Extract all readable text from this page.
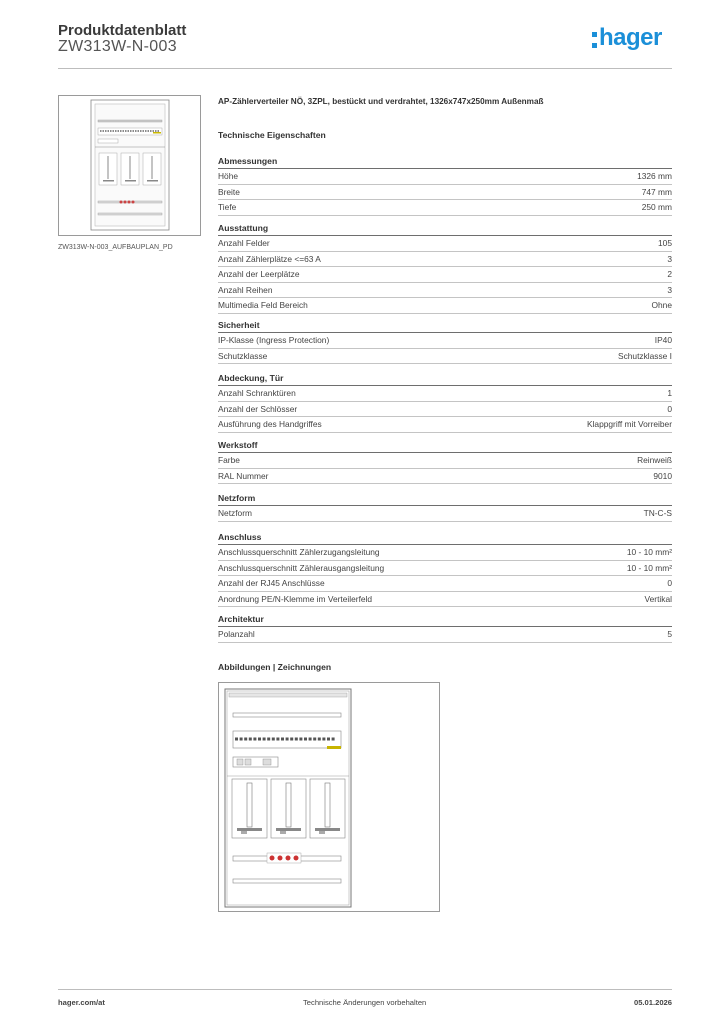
Produktdatenblatt
ZW313W-N-003	hager
ZW313W-N-003_AUFBAUPLAN_PD
AP-Zählerverteiler NÖ, 3ZPL, bestückt und verdrahtet, 1326x747x250mm Außenmaß
Technische Eigenschaften
Abmessungen
Höhe	1326 mm
Breite	747 mm
Tiefe	250 mm
Ausstattung
Anzahl Felder	105
Anzahl Zählerplätze <=63 A	3
Anzahl der Leerplätze	2
Anzahl Reihen	3
Multimedia Feld Bereich	Ohne
Sicherheit
IP-Klasse (Ingress Protection)	IP40
Schutzklasse	Schutzklasse I
Abdeckung, Tür
Anzahl Schranktüren	1
Anzahl der Schlösser	0
Ausführung des Handgriffes	Klappgriff mit Vorreiber
Werkstoff
Farbe	Reinweiß
RAL Nummer	9010
Netzform
Netzform	TN-C-S
Anschluss
Anschlussquerschnitt Zählerzugangsleitung	10 - 10 mm²
Anschlussquerschnitt Zählerausgangsleitung	10 - 10 mm²
Anzahl der RJ45 Anschlüsse	0
Anordnung PE/N-Klemme im Verteilerfeld	Vertikal
Architektur
Polanzahl	5
Abbildungen | Zeichnungen
hager.com/at	Technische Änderungen vorbehalten	05.01.2026
